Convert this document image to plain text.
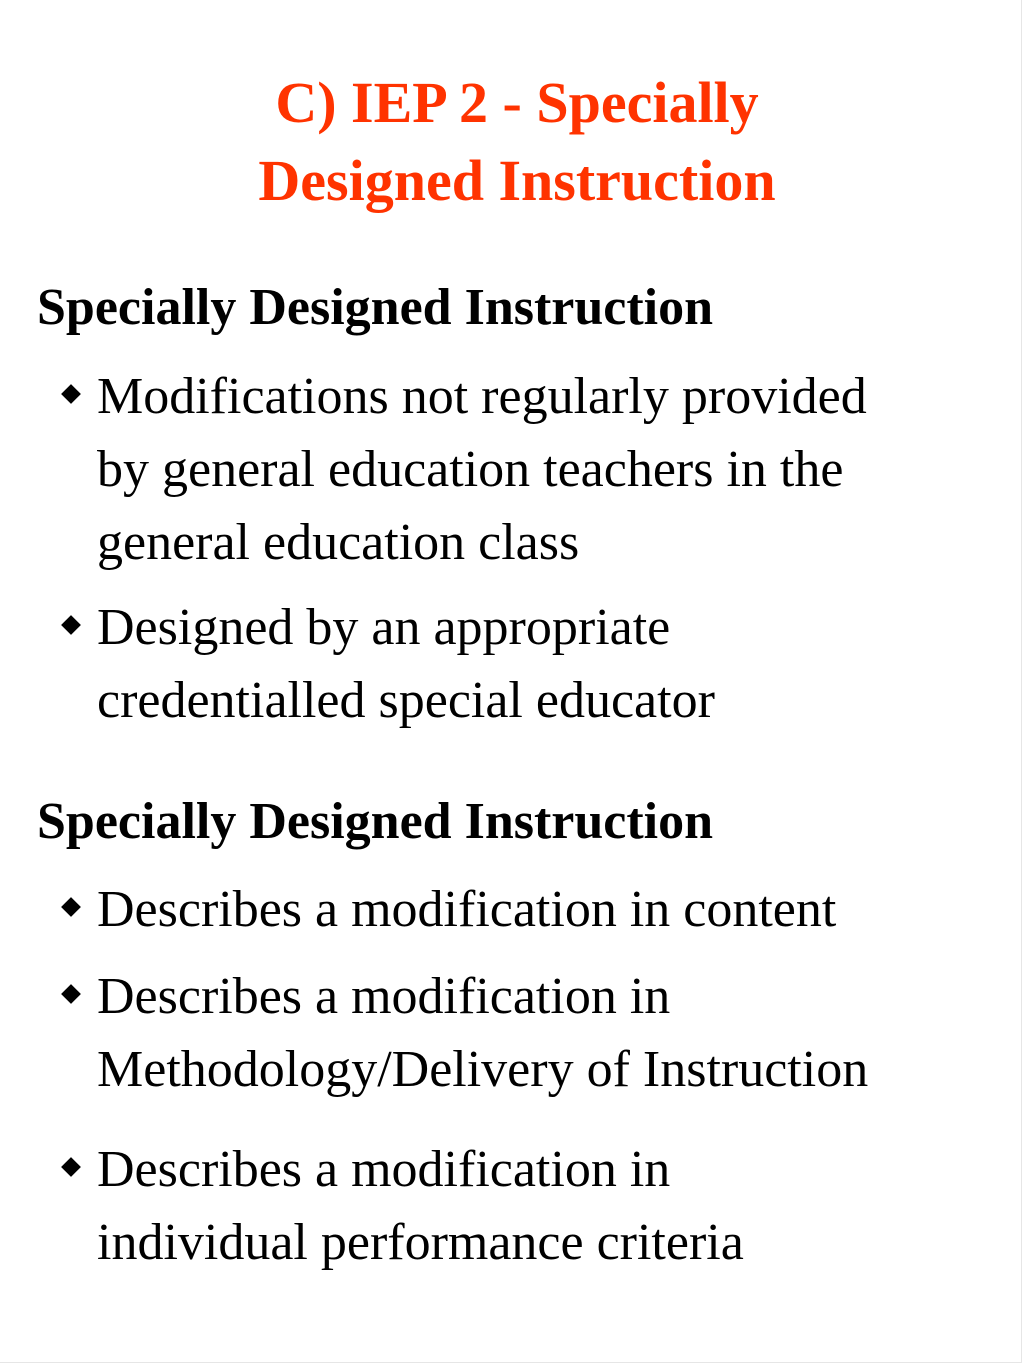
C) IEP 2 - Specially
Designed Instruction
Specially Designed Instruction
Modifications not regularly provided
by general education teachers in the
general education class
Designed by an appropriate
credentialled special educator
Specially Designed Instruction
Describes a modification in content
Describes a modification in
Methodology/Delivery of Instruction
Describes a modification in
individual performance criteria
